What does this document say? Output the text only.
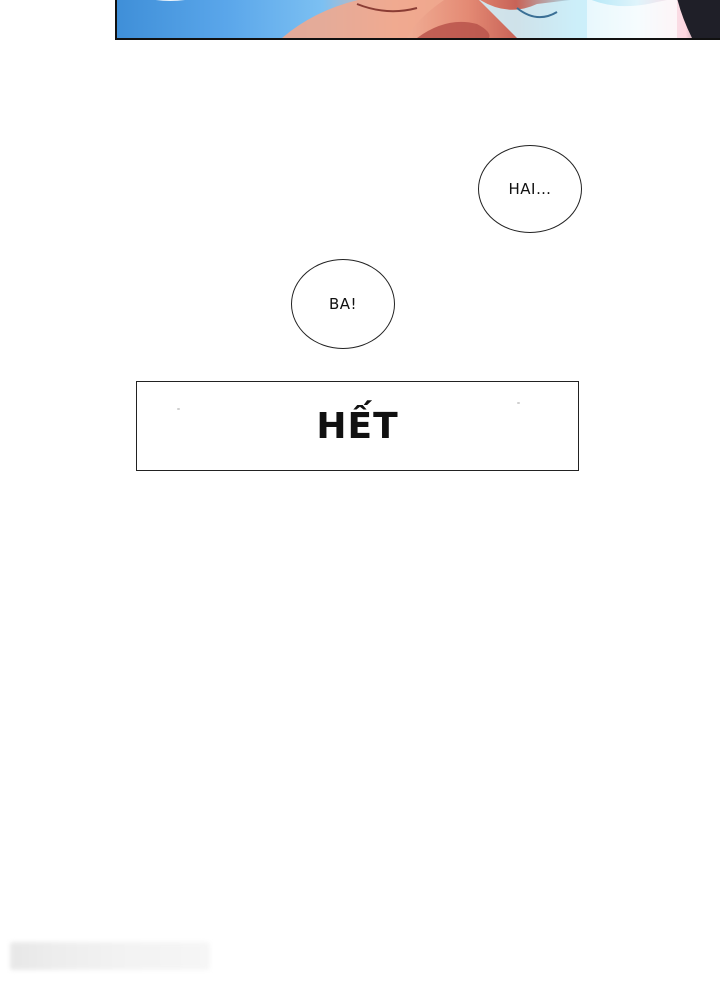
HAI…
BA!
HẾT
